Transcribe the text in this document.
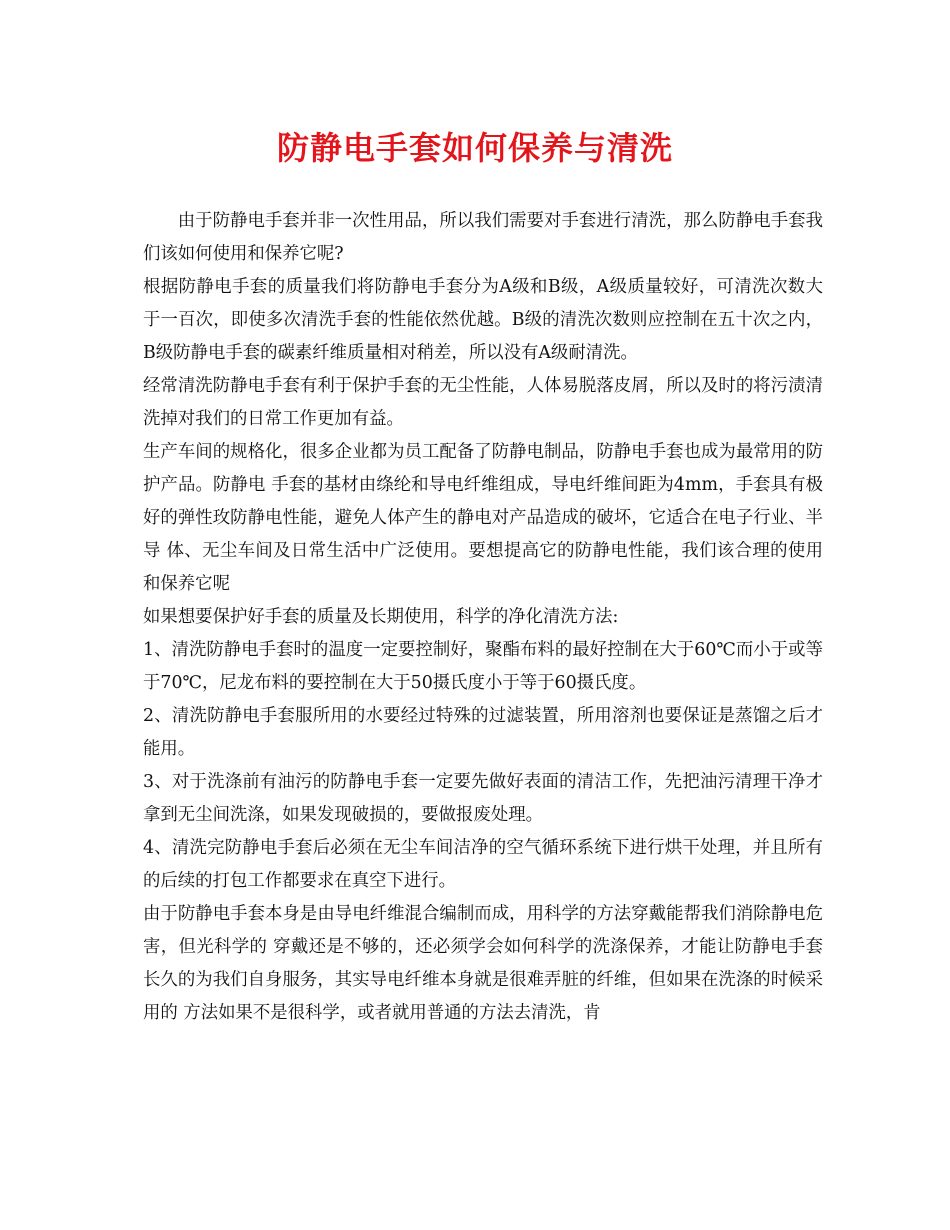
防静电手套如何保养与清洗

由于防静电手套并非一次性用品，所以我们需要对手套进行清洗，那么防静电手套我们该如何使用和保养它呢?

根据防静电手套的质量我们将防静电手套分为A级和B级，A级质量较好，可清洗次数大于一百次，即使多次清洗手套的性能依然优越。B级的清洗次数则应控制在五十次之内，B级防静电手套的碳素纤维质量相对稍差，所以没有A级耐清洗。

经常清洗防静电手套有利于保护手套的无尘性能，人体易脱落皮屑，所以及时的将污渍清洗掉对我们的日常工作更加有益。

生产车间的规格化，很多企业都为员工配备了防静电制品，防静电手套也成为最常用的防护产品。防静电 手套的基材由绦纶和导电纤维组成，导电纤维间距为4mm，手套具有极好的弹性玫防静电性能，避免人体产生的静电对产品造成的破坏，它适合在电子行业、半导 体、无尘车间及日常生活中广泛使用。要想提高它的防静电性能，我们该合理的使用和保养它呢

如果想要保护好手套的质量及长期使用，科学的净化清洗方法:

1、清洗防静电手套时的温度一定要控制好，聚酯布料的最好控制在大于60℃而小于或等于70℃，尼龙布料的要控制在大于50摄氏度小于等于60摄氏度。

2、清洗防静电手套服所用的水要经过特殊的过滤装置，所用溶剂也要保证是蒸馏之后才能用。

3、对于洗涤前有油污的防静电手套一定要先做好表面的清洁工作，先把油污清理干净才拿到无尘间洗涤，如果发现破损的，要做报废处理。

4、清洗完防静电手套后必须在无尘车间洁净的空气循环系统下进行烘干处理，并且所有的后续的打包工作都要求在真空下进行。

由于防静电手套本身是由导电纤维混合编制而成，用科学的方法穿戴能帮我们消除静电危害，但光科学的 穿戴还是不够的，还必须学会如何科学的洗涤保养，才能让防静电手套长久的为我们自身服务，其实导电纤维本身就是很难弄脏的纤维，但如果在洗涤的时候采用的 方法如果不是很科学，或者就用普通的方法去清洗，肯
